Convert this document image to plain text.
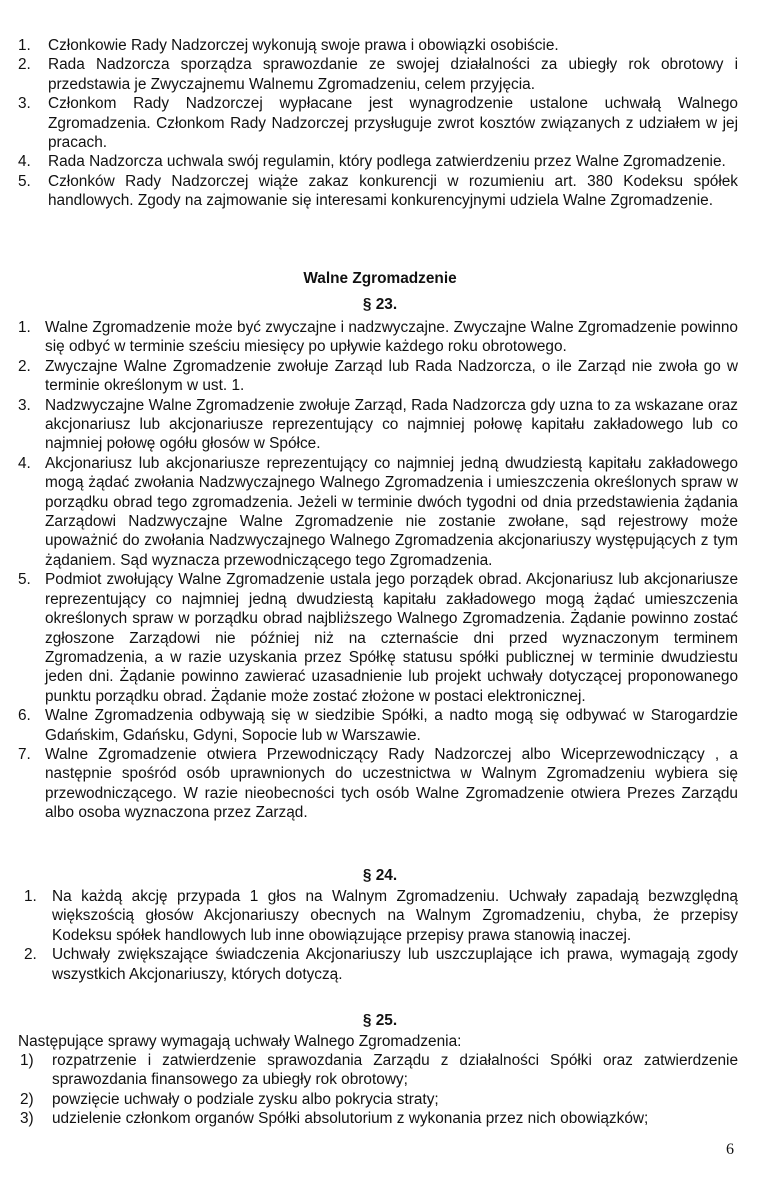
1. Członkowie Rady Nadzorczej wykonują swoje prawa i obowiązki osobiście.
2. Rada Nadzorcza sporządza sprawozdanie ze swojej działalności za ubiegły rok obrotowy i przedstawia je Zwyczajnemu Walnemu Zgromadzeniu, celem przyjęcia.
3. Członkom Rady Nadzorczej wypłacane jest wynagrodzenie ustalone uchwałą Walnego Zgromadzenia. Członkom Rady Nadzorczej przysługuje zwrot kosztów związanych z udziałem w jej pracach.
4. Rada Nadzorcza uchwala swój regulamin, który podlega zatwierdzeniu przez Walne Zgromadzenie.
5. Członków Rady Nadzorczej wiąże zakaz konkurencji w rozumieniu art. 380 Kodeksu spółek handlowych. Zgody na zajmowanie się interesami konkurencyjnymi udziela Walne Zgromadzenie.
Walne Zgromadzenie
§ 23.
1. Walne Zgromadzenie może być zwyczajne i nadzwyczajne. Zwyczajne Walne Zgromadzenie powinno się odbyć w terminie sześciu miesięcy po upływie każdego roku obrotowego.
2. Zwyczajne Walne Zgromadzenie zwołuje Zarząd lub Rada Nadzorcza, o ile Zarząd nie zwoła go w terminie określonym w ust. 1.
3. Nadzwyczajne Walne Zgromadzenie zwołuje Zarząd, Rada Nadzorcza gdy uzna to za wskazane oraz akcjonariusz lub akcjonariusze reprezentujący co najmniej połowę kapitału zakładowego lub co najmniej połowę ogółu głosów w Spółce.
4. Akcjonariusz lub akcjonariusze reprezentujący co najmniej jedną dwudziestą kapitału zakładowego mogą żądać zwołania Nadzwyczajnego Walnego Zgromadzenia i umieszczenia określonych spraw w porządku obrad tego zgromadzenia. Jeżeli w terminie dwóch tygodni od dnia przedstawienia żądania Zarządowi Nadzwyczajne Walne Zgromadzenie nie zostanie zwołane, sąd rejestrowy może upoważnić do zwołania Nadzwyczajnego Walnego Zgromadzenia akcjonariuszy występujących z tym żądaniem. Sąd wyznacza przewodniczącego tego Zgromadzenia.
5. Podmiot zwołujący Walne Zgromadzenie ustala jego porządek obrad. Akcjonariusz lub akcjonariusze reprezentujący co najmniej jedną dwudziestą kapitału zakładowego mogą żądać umieszczenia określonych spraw w porządku obrad najbliższego Walnego Zgromadzenia. Żądanie powinno zostać zgłoszone Zarządowi nie później niż na czternaście dni przed wyznaczonym terminem Zgromadzenia, a w razie uzyskania przez Spółkę statusu spółki publicznej w terminie dwudziestu jeden dni. Żądanie powinno zawierać uzasadnienie lub projekt uchwały dotyczącej proponowanego punktu porządku obrad. Żądanie może zostać złożone w postaci elektronicznej.
6. Walne Zgromadzenia odbywają się w siedzibie Spółki, a nadto mogą się odbywać w Starogardzie Gdańskim, Gdańsku, Gdyni, Sopocie lub w Warszawie.
7. Walne Zgromadzenie otwiera Przewodniczący Rady Nadzorczej albo Wiceprzewodniczący , a następnie spośród osób uprawnionych do uczestnictwa w Walnym Zgromadzeniu wybiera się przewodniczącego. W razie nieobecności tych osób Walne Zgromadzenie otwiera Prezes Zarządu albo osoba wyznaczona przez Zarząd.
§ 24.
1. Na każdą akcję przypada 1 głos na Walnym Zgromadzeniu. Uchwały zapadają bezwzględną większością głosów Akcjonariuszy obecnych na Walnym Zgromadzeniu, chyba, że przepisy Kodeksu spółek handlowych lub inne obowiązujące przepisy prawa stanowią inaczej.
2. Uchwały zwiększające świadczenia Akcjonariuszy lub uszczuplające ich prawa, wymagają zgody wszystkich Akcjonariuszy, których dotyczą.
§ 25.
Następujące sprawy wymagają uchwały Walnego Zgromadzenia:
1) rozpatrzenie i zatwierdzenie sprawozdania Zarządu z działalności Spółki oraz zatwierdzenie sprawozdania finansowego za ubiegły rok obrotowy;
2) powzięcie uchwały o podziale zysku albo pokrycia straty;
3) udzielenie członkom organów Spółki absolutorium z wykonania przez nich obowiązków;
6
